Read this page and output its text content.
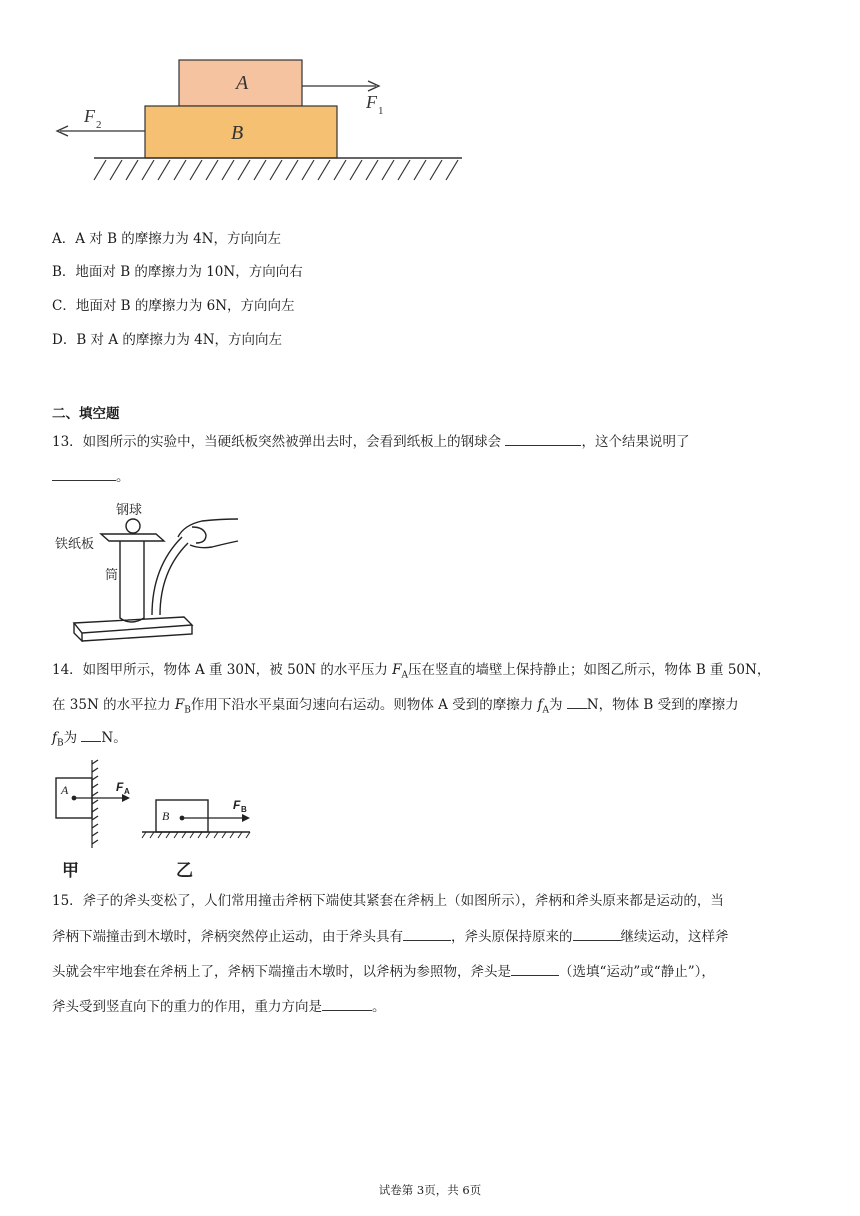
A
B
F 1
F 2
A．A 对 B 的摩擦力为 4N，方向向左
B．地面对 B 的摩擦力为 10N，方向向右
C．地面对 B 的摩擦力为 6N，方向向左
D．B 对 A 的摩擦力为 4N，方向向左
二、填空题
13．如图所示的实验中，当硬纸板突然被弹出去时，会看到纸板上的钢球会	，这个结果说明了
。
钢球
铁纸板
筒
14．如图甲所示，物体 A 重 30N，被 50N 的水平压力 $F_A$压在竖直的墙壁上保持静止；如图乙所示，物体 B 重 50N，
在 35N 的水平拉力 $F_B$作用下沿水平桌面匀速向右运动。则物体 A 受到的摩擦力 $f_A$为 N，物体 B 受到的摩擦力
$f_B$为 N。
A	F A
B
F B
甲	乙
15．斧子的斧头变松了，人们常用撞击斧柄下端使其紧套在斧柄上（如图所示），斧柄和斧头原来都是运动的，当
斧柄下端撞击到木墩时，斧柄突然停止运动，由于斧头具有	，斧头原保持原来的	继续运动，这样斧
头就会牢牢地套在斧柄上了，斧柄下端撞击木墩时，以斧柄为参照物，斧头是	（选填“运动”或“静止”），
斧头受到竖直向下的重力的作用，重力方向是	。
试卷第 3页，共 6页
